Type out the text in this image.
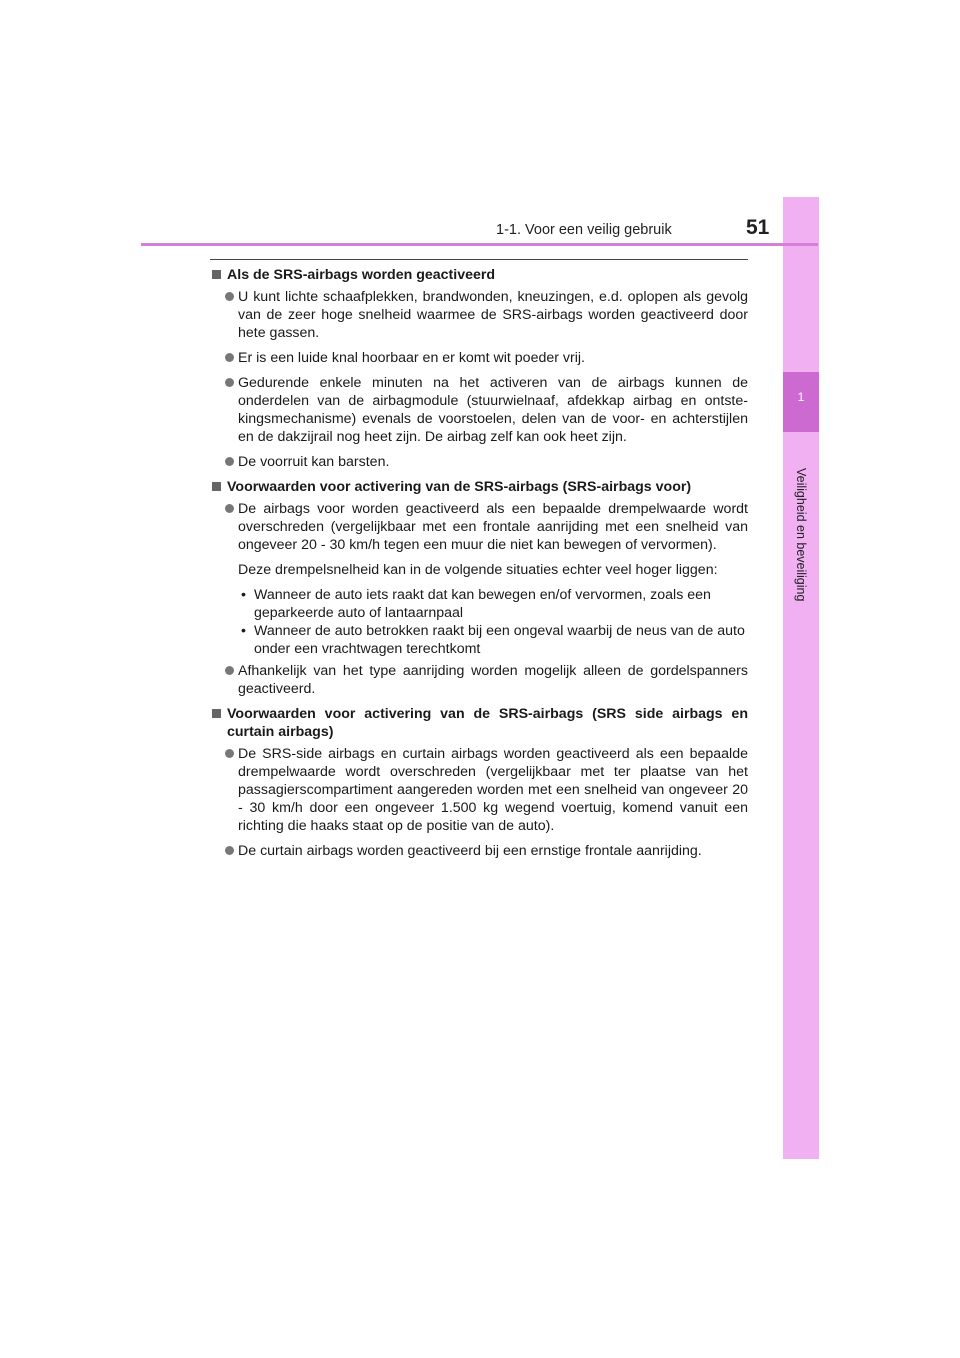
1
Veiligheid en beveiliging
1-1. Voor een veilig gebruik	51
Als de SRS-airbags worden geactiveerd
U kunt lichte schaafplekken, brandwonden, kneuzingen, e.d. oplopen als gevolg van de zeer hoge snelheid waarmee de SRS-airbags worden geactiveerd door hete gassen.
Er is een luide knal hoorbaar en er komt wit poeder vrij.
Gedurende enkele minuten na het activeren van de airbags kunnen de onderdelen van de airbagmodule (stuurwielnaaf, afdekkap airbag en ontstekingsmechanisme) evenals de voorstoelen, delen van de voor- en achterstijlen en de dakzijrail nog heet zijn. De airbag zelf kan ook heet zijn.
De voorruit kan barsten.
Voorwaarden voor activering van de SRS-airbags (SRS-airbags voor)
De airbags voor worden geactiveerd als een bepaalde drempelwaarde wordt overschreden (vergelijkbaar met een frontale aanrijding met een snelheid van ongeveer 20 - 30 km/h tegen een muur die niet kan bewegen of vervormen).
Deze drempelsnelheid kan in de volgende situaties echter veel hoger liggen:
• Wanneer de auto iets raakt dat kan bewegen en/of vervormen, zoals een geparkeerde auto of lantaarnpaal
• Wanneer de auto betrokken raakt bij een ongeval waarbij de neus van de auto onder een vrachtwagen terechtkomt
Afhankelijk van het type aanrijding worden mogelijk alleen de gordelspanners geactiveerd.
Voorwaarden voor activering van de SRS-airbags (SRS side airbags en curtain airbags)
De SRS-side airbags en curtain airbags worden geactiveerd als een bepaalde drempelwaarde wordt overschreden (vergelijkbaar met ter plaatse van het passagierscompartiment aangereden worden met een snelheid van ongeveer 20 - 30 km/h door een ongeveer 1.500 kg wegend voertuig, komend vanuit een richting die haaks staat op de positie van de auto).
De curtain airbags worden geactiveerd bij een ernstige frontale aanrijding.
